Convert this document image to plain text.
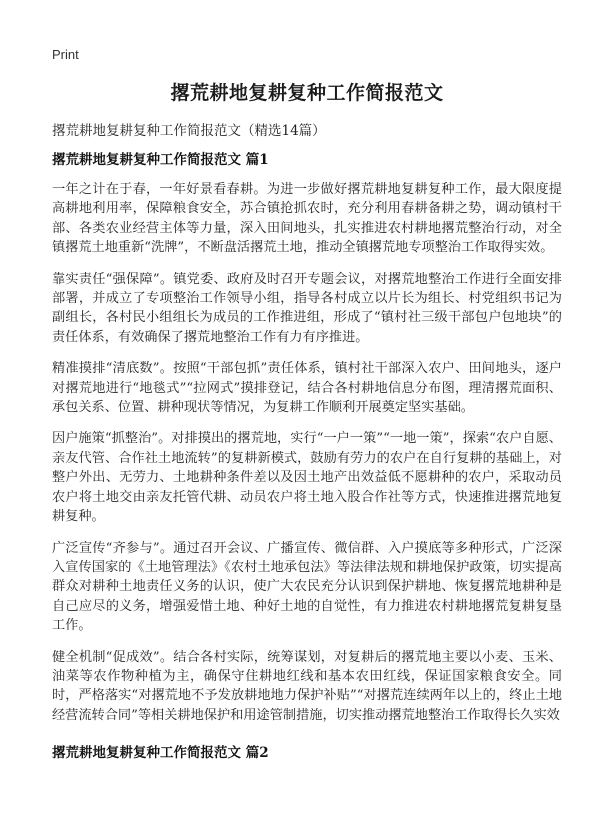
Print
撂荒耕地复耕复种工作简报范文
撂荒耕地复耕复种工作简报范文（精选14篇）
撂荒耕地复耕复种工作简报范文 篇1

一年之计在于春，一年好景看春耕。为进一步做好撂荒耕地复耕复种工作，最大限度提高耕地利用率，保障粮食安全，苏合镇抢抓农时，充分利用春耕备耕之势，调动镇村干部、各类农业经营主体等力量，深入田间地头，扎实推进农村耕地撂荒整治行动，对全镇撂荒土地重新“洗牌”，不断盘活撂荒土地，推动全镇撂荒地专项整治工作取得实效。

靠实责任“强保障”。镇党委、政府及时召开专题会议，对撂荒地整治工作进行全面安排部署，并成立了专项整治工作领导小组，指导各村成立以片长为组长、村党组织书记为副组长，各村民小组组长为成员的工作推进组，形成了“镇村社三级干部包户包地块”的责任体系，有效确保了撂荒地整治工作有力有序推进。

精准摸排“清底数”。按照“干部包抓”责任体系，镇村社干部深入农户、田间地头，逐户对撂荒地进行“地毯式”“拉网式”摸排登记，结合各村耕地信息分布图，理清撂荒面积、承包关系、位置、耕种现状等情况，为复耕工作顺利开展奠定坚实基础。

因户施策“抓整治”。对排摸出的撂荒地，实行“一户一策”“一地一策”，探索“农户自愿、亲友代管、合作社土地流转”的复耕新模式，鼓励有劳力的农户在自行复耕的基础上，对整户外出、无劳力、土地耕种条件差以及因土地产出效益低不愿耕种的农户，采取动员农户将土地交由亲友托管代耕、动员农户将土地入股合作社等方式，快速推进撂荒地复耕复种。

广泛宣传“齐参与”。通过召开会议、广播宣传、微信群、入户摸底等多种形式，广泛深入宣传国家的《土地管理法》《农村土地承包法》等法律法规和耕地保护政策，切实提高群众对耕种土地责任义务的认识，使广大农民充分认识到保护耕地、恢复撂荒地耕种是自己应尽的义务，增强爱惜土地、种好土地的自觉性，有力推进农村耕地撂荒复耕复垦工作。

健全机制“促成效”。结合各村实际，统筹谋划，对复耕后的撂荒地主要以小麦、玉米、油菜等农作物种植为主，确保守住耕地红线和基本农田红线，保证国家粮食安全。同时，严格落实“对撂荒地不予发放耕地地力保护补贴”“对撂荒连续两年以上的，终止土地经营流转合同”等相关耕地保护和用途管制措施，切实推动撂荒地整治工作取得长久实效

撂荒耕地复耕复种工作简报范文 篇2
